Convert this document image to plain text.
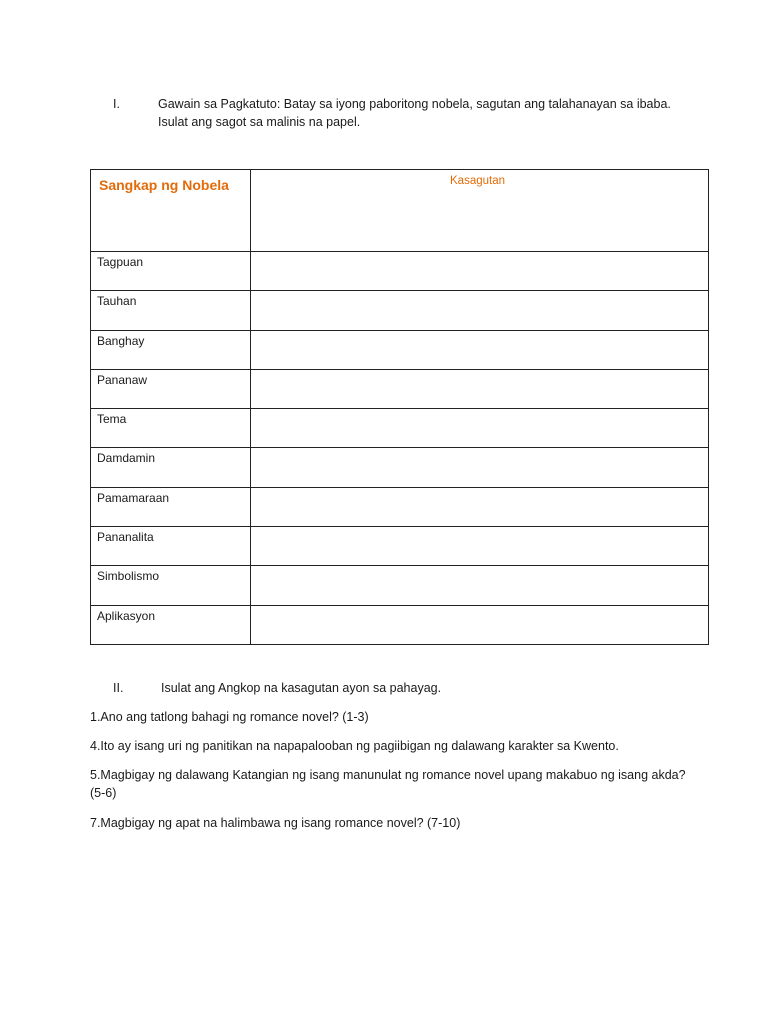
I.	Gawain sa Pagkatuto: Batay sa iyong paboritong nobela, sagutan ang talahanayan sa ibaba.
Isulat ang sagot sa malinis na papel.
Sangkap ng Nobela	Kasagutan

Tagpuan	

Tauhan	

Banghay	

Pananaw	

Tema	

Damdamin	

Pamamaraan	

Pananalita	

Simbolismo	

Aplikasyon	

II.	Isulat ang Angkop na kasagutan ayon sa pahayag.
1.Ano ang tatlong bahagi ng romance novel? (1-3)
4.Ito ay isang uri ng panitikan na napapalooban ng pagiibigan ng dalawang karakter sa Kwento.
5.Magbigay ng dalawang Katangian ng isang manunulat ng romance novel upang makabuo ng isang akda? (5-6)
7.Magbigay ng apat na halimbawa ng isang romance novel? (7-10)
